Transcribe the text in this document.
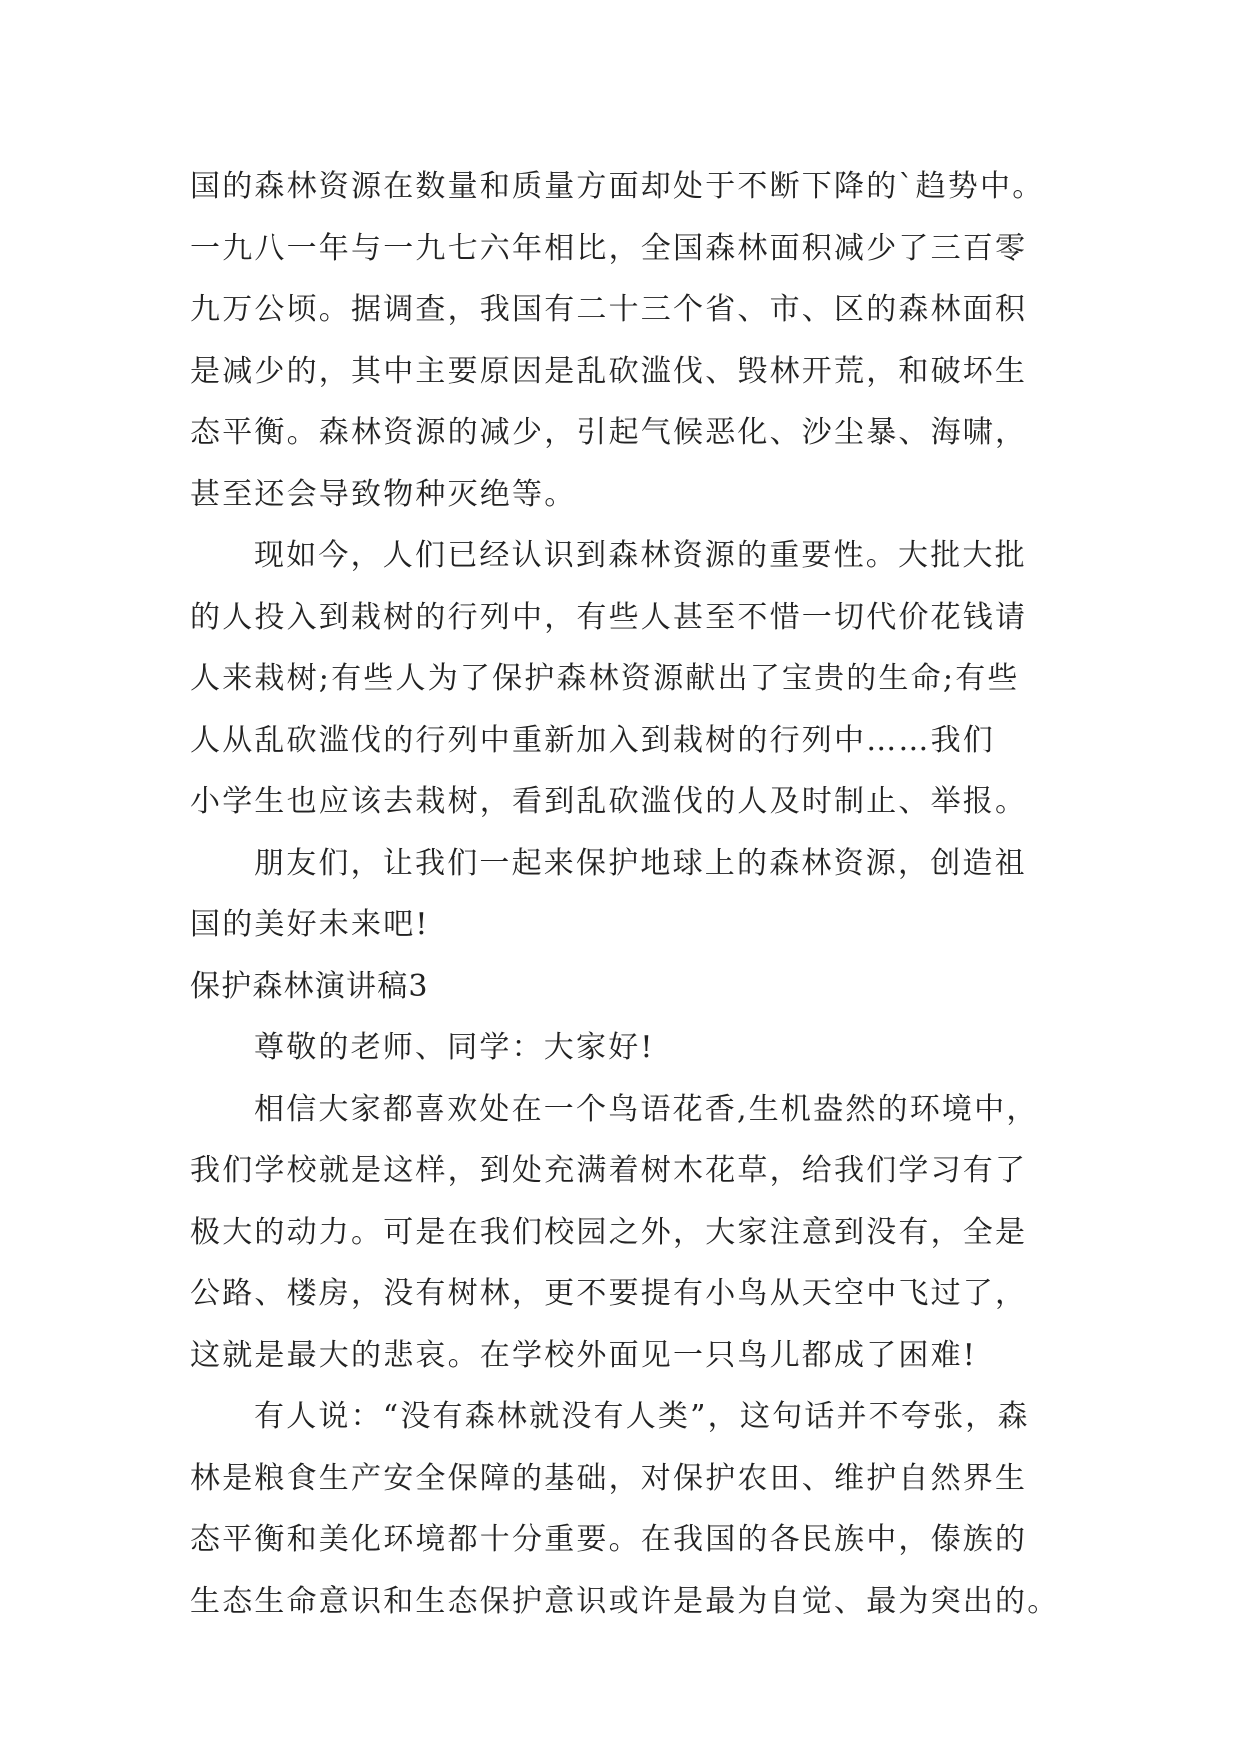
国的森林资源在数量和质量方面却处于不断下降的`趋势中。
一九八一年与一九七六年相比，全国森林面积减少了三百零
九万公顷。据调查，我国有二十三个省、市、区的森林面积
是减少的，其中主要原因是乱砍滥伐、毁林开荒，和破坏生
态平衡。森林资源的减少，引起气候恶化、沙尘暴、海啸，
甚至还会导致物种灭绝等。
现如今，人们已经认识到森林资源的重要性。大批大批
的人投入到栽树的行列中，有些人甚至不惜一切代价花钱请
人来栽树;有些人为了保护森林资源献出了宝贵的生命;有些
人从乱砍滥伐的行列中重新加入到栽树的行列中……我们
小学生也应该去栽树，看到乱砍滥伐的人及时制止、举报。
朋友们，让我们一起来保护地球上的森林资源，创造祖
国的美好未来吧!
保护森林演讲稿3
尊敬的老师、同学：大家好!
相信大家都喜欢处在一个鸟语花香,生机盎然的环境中，
我们学校就是这样，到处充满着树木花草，给我们学习有了
极大的动力。可是在我们校园之外，大家注意到没有，全是
公路、楼房，没有树林，更不要提有小鸟从天空中飞过了，
这就是最大的悲哀。在学校外面见一只鸟儿都成了困难!
有人说：“没有森林就没有人类”，这句话并不夸张，森
林是粮食生产安全保障的基础，对保护农田、维护自然界生
态平衡和美化环境都十分重要。在我国的各民族中，傣族的
生态生命意识和生态保护意识或许是最为自觉、最为突出的。
